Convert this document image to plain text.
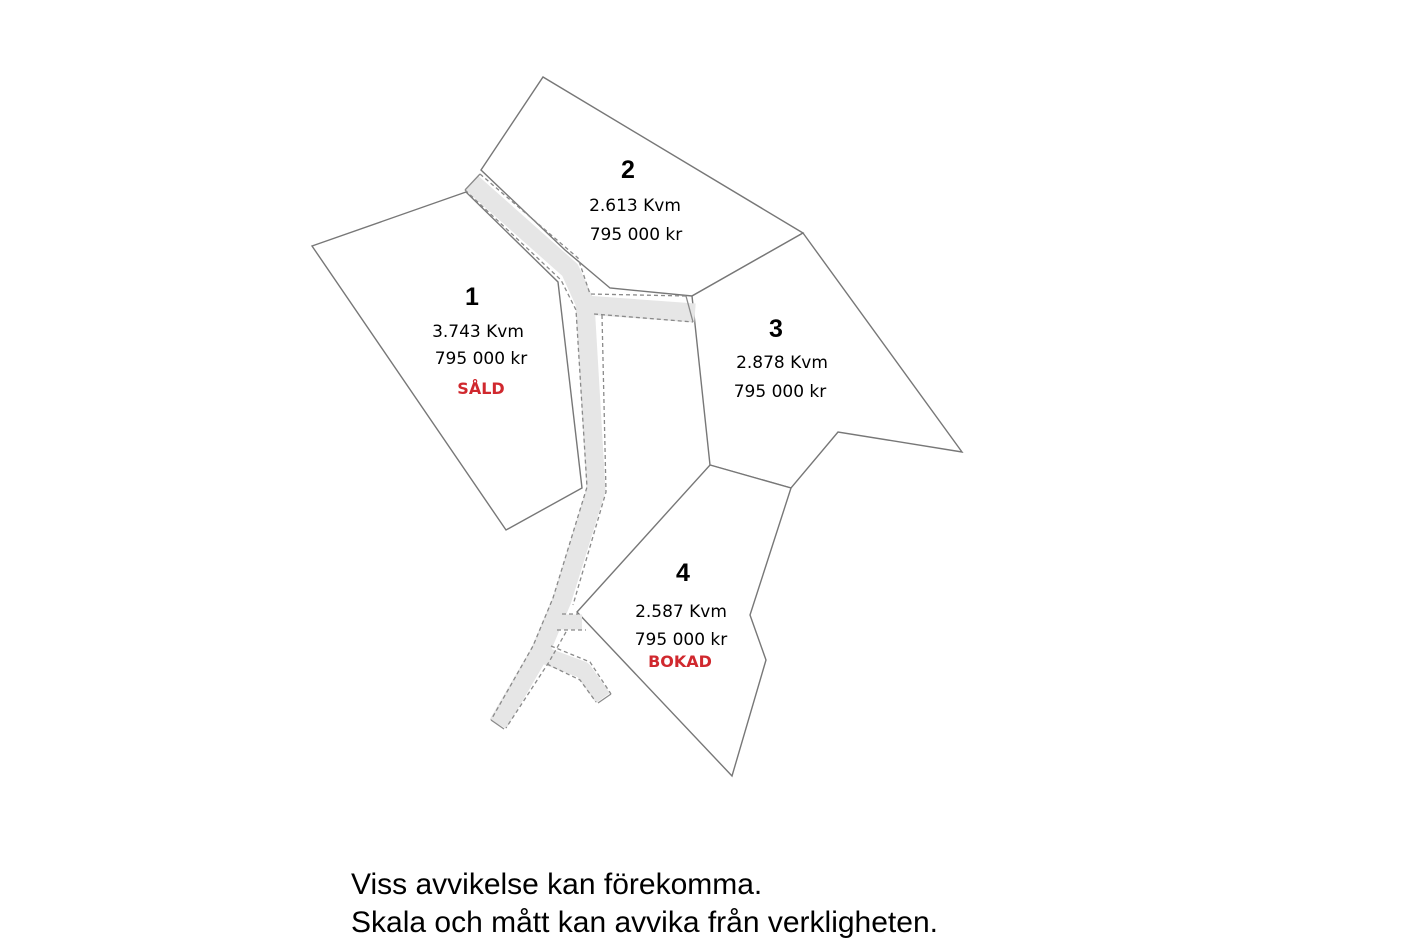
1
3.743 Kvm
795 000 kr
SÅLD
2
2.613 Kvm
795 000 kr
3
2.878 Kvm
795 000 kr
4
2.587 Kvm
795 000 kr
BOKAD
Viss avvikelse kan förekomma.
Skala och mått kan avvika från verkligheten.
